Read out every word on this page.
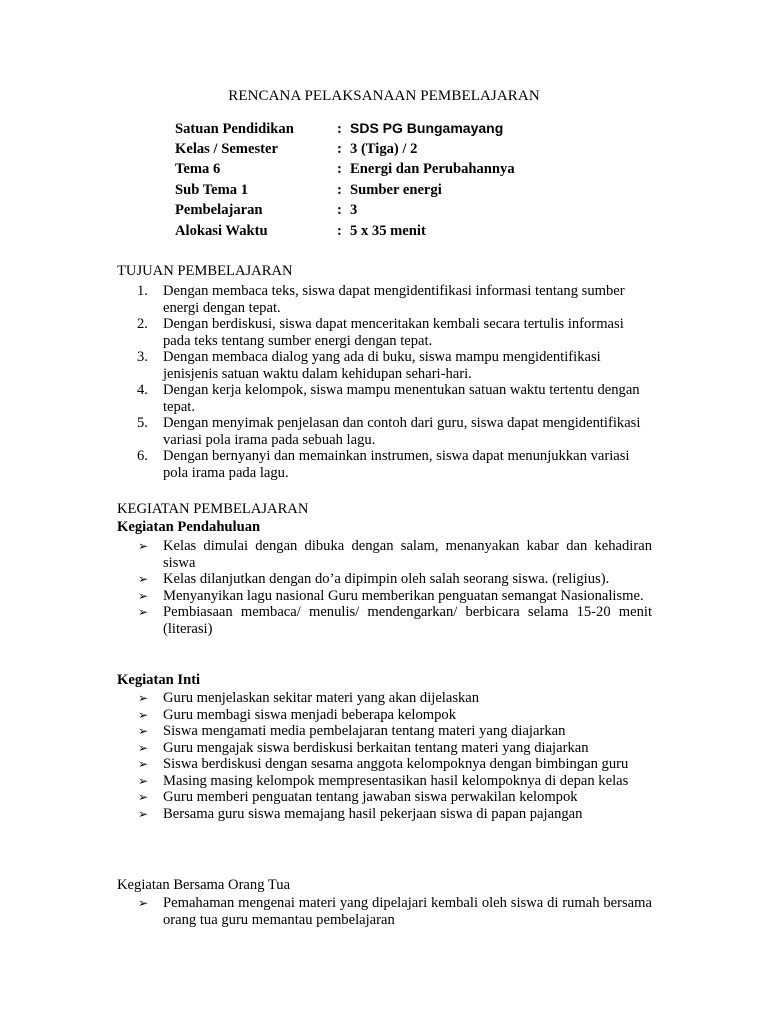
RENCANA PELAKSANAAN PEMBELAJARAN
Satuan Pendidikan	: SDS PG Bungamayang
Kelas / Semester	: 3 (Tiga) / 2
Tema 6	: Energi dan Perubahannya
Sub Tema 1	: Sumber energi
Pembelajaran	: 3
Alokasi Waktu	: 5 x 35 menit
TUJUAN PEMBELAJARAN
1. Dengan membaca teks, siswa dapat mengidentifikasi informasi tentang sumber energi dengan tepat.
2. Dengan berdiskusi, siswa dapat menceritakan kembali secara tertulis informasi pada teks tentang sumber energi dengan tepat.
3. Dengan membaca dialog yang ada di buku, siswa mampu mengidentifikasi jenisjenis satuan waktu dalam kehidupan sehari-hari.
4. Dengan kerja kelompok, siswa mampu menentukan satuan waktu tertentu dengan tepat.
5. Dengan menyimak penjelasan dan contoh dari guru, siswa dapat mengidentifikasi variasi pola irama pada sebuah lagu.
6. Dengan bernyanyi dan memainkan instrumen, siswa dapat menunjukkan variasi pola irama pada lagu.
KEGIATAN PEMBELAJARAN
Kegiatan Pendahuluan
➢ Kelas dimulai dengan dibuka dengan salam, menanyakan kabar dan kehadiran siswa
➢ Kelas dilanjutkan dengan do’a dipimpin oleh salah seorang siswa. (religius).
➢ Menyanyikan lagu nasional Guru memberikan penguatan semangat Nasionalisme.
➢ Pembiasaan membaca/ menulis/ mendengarkan/ berbicara selama 15-20 menit (literasi)
Kegiatan Inti
➢ Guru menjelaskan sekitar materi yang akan dijelaskan
➢ Guru membagi siswa menjadi beberapa kelompok
➢ Siswa mengamati media pembelajaran tentang materi yang diajarkan
➢ Guru mengajak siswa berdiskusi berkaitan tentang materi yang diajarkan
➢ Siswa berdiskusi dengan sesama anggota kelompoknya dengan bimbingan guru
➢ Masing masing kelompok mempresentasikan hasil kelompoknya di depan kelas
➢ Guru memberi penguatan tentang jawaban siswa perwakilan kelompok
➢ Bersama guru siswa memajang hasil pekerjaan siswa di papan pajangan
Kegiatan Bersama Orang Tua
➢ Pemahaman mengenai materi yang dipelajari kembali oleh siswa di rumah bersama orang tua guru memantau pembelajaran
